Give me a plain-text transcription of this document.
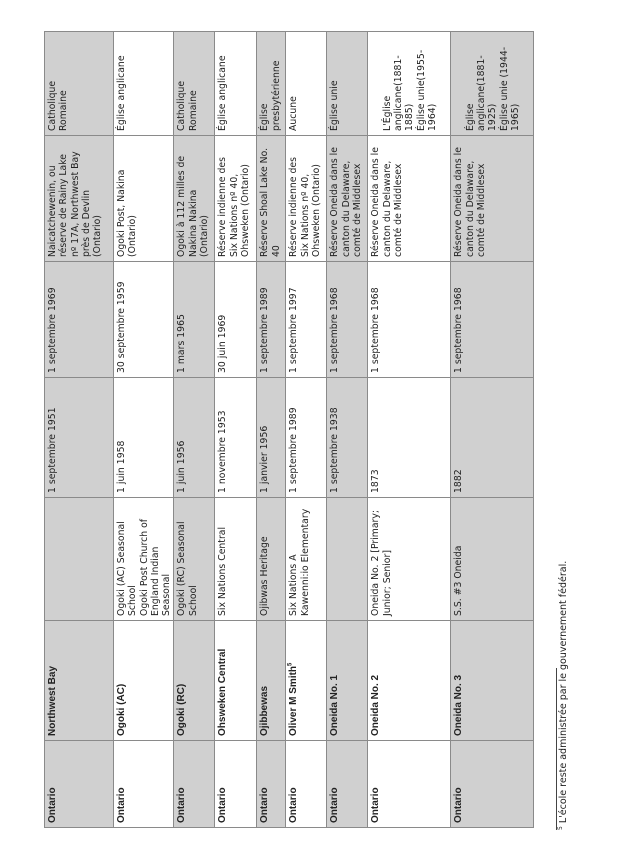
Ontario	Northwest Bay		1 septembre 1951	1 septembre 1969	Naicatchewenin, ou réserve de Rainy Lake nº 17A, Northwest Bay près de Devlin (Ontario)	Catholique Romaine

Ontario	Ogoki (AC)	Ogoki (AC) Seasonal School Ogoki Post Church of England Indian Seasonal	1 juin 1958	30 septembre 1959	Ogoki Post, Nakina (Ontario)	Église anglicane

Ontario	Ogoki (RC)	Ogoki (RC) Seasonal School	1 juin 1956	1 mars 1965	Ogoki à 112 milles de Nakina Nakina (Ontario)	Catholique Romaine

Ontario	Ohsweken Central	Six Nations Central	1 novembre 1953	30 juin 1969	Réserve indienne des Six Nations nº 40, Ohsweken (Ontario)	Église anglicane

Ontario	Ojibbewas	Ojibwas Heritage	1 janvier 1956	1 septembre 1989	Réserve Shoal Lake No. 40	Église presbytérienne

Ontario	Oliver M Smith$^5$	Six Nations A Kawenni:io Elementary	1 septembre 1989	1 septembre 1997	Réserve indienne des Six Nations nº 40, Ohsweken (Ontario)	Aucune

Ontario	Oneida No. 1		1 septembre 1938	1 septembre 1968	Réserve Oneida dans le canton du Delaware, comté de Middlesex	Église unie

Ontario	Oneida No. 2	Oneida No. 2 [Primary; Junior; Senior]	1873	1 septembre 1968	Réserve Oneida dans le canton du Delaware, comté de Middlesex	L'Église anglicane(1881- 1885) Église unie(1955- 1964)

Ontario	Oneida No. 3	S.S. #3 Oneida	1882	1 septembre 1968	Réserve Oneida dans le canton du Delaware, comté de Middlesex	Église anglicane(1881- 1925) Église unie (1944- 1965)
$^5$ L'école reste administrée par le gouvernement fédéral.
